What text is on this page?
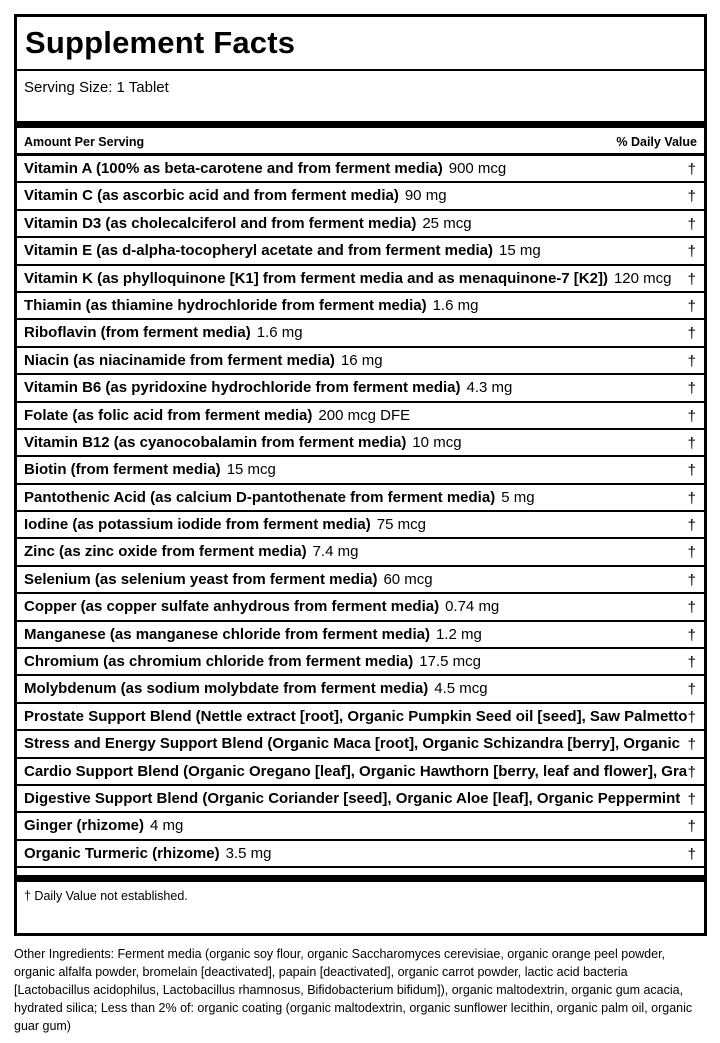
Supplement Facts
Serving Size: 1 Tablet
Amount Per Serving	% Daily Value
Vitamin A (100% as beta-carotene and from ferment media) 900 mcg	†
Vitamin C (as ascorbic acid and from ferment media) 90 mg	†
Vitamin D3 (as cholecalciferol and from ferment media) 25 mcg	†
Vitamin E (as d-alpha-tocopheryl acetate and from ferment media) 15 mg	†
Vitamin K (as phylloquinone [K1] from ferment media and as menaquinone-7 [K2]) 120 mcg †
Thiamin (as thiamine hydrochloride from ferment media) 1.6 mg	†
Riboflavin (from ferment media) 1.6 mg	†
Niacin (as niacinamide from ferment media) 16 mg	†
Vitamin B6 (as pyridoxine hydrochloride from ferment media) 4.3 mg	†
Folate (as folic acid from ferment media) 200 mcg DFE	†
Vitamin B12 (as cyanocobalamin from ferment media) 10 mcg	†
Biotin (from ferment media) 15 mcg	†
Pantothenic Acid (as calcium D-pantothenate from ferment media) 5 mg	†
Iodine (as potassium iodide from ferment media) 75 mcg	†
Zinc (as zinc oxide from ferment media) 7.4 mg	†
Selenium (as selenium yeast from ferment media) 60 mcg	†
Copper (as copper sulfate anhydrous from ferment media) 0.74 mg	†
Manganese (as manganese chloride from ferment media) 1.2 mg	†
Chromium (as chromium chloride from ferment media) 17.5 mcg	†
Molybdenum (as sodium molybdate from ferment media) 4.5 mcg	†
Prostate Support Blend (Nettle extract [root], Organic Pumpkin Seed oil [seed], Saw Palmetto †
Stress and Energy Support Blend (Organic Maca [root], Organic Schizandra [berry], Organic †
Cardio Support Blend (Organic Oregano [leaf], Organic Hawthorn [berry, leaf and flower], Gra †
Digestive Support Blend (Organic Coriander [seed], Organic Aloe [leaf], Organic Peppermint †
Ginger (rhizome) 4 mg	†
Organic Turmeric (rhizome) 3.5 mg	†
† Daily Value not established.
Other Ingredients: Ferment media (organic soy flour, organic Saccharomyces cerevisiae, organic orange peel powder, organic alfalfa powder, bromelain [deactivated], papain [deactivated], organic carrot powder, lactic acid bacteria [Lactobacillus acidophilus, Lactobacillus rhamnosus, Bifidobacterium bifidum]), organic maltodextrin, organic gum acacia, hydrated silica; Less than 2% of: organic coating (organic maltodextrin, organic sunflower lecithin, organic palm oil, organic guar gum)
